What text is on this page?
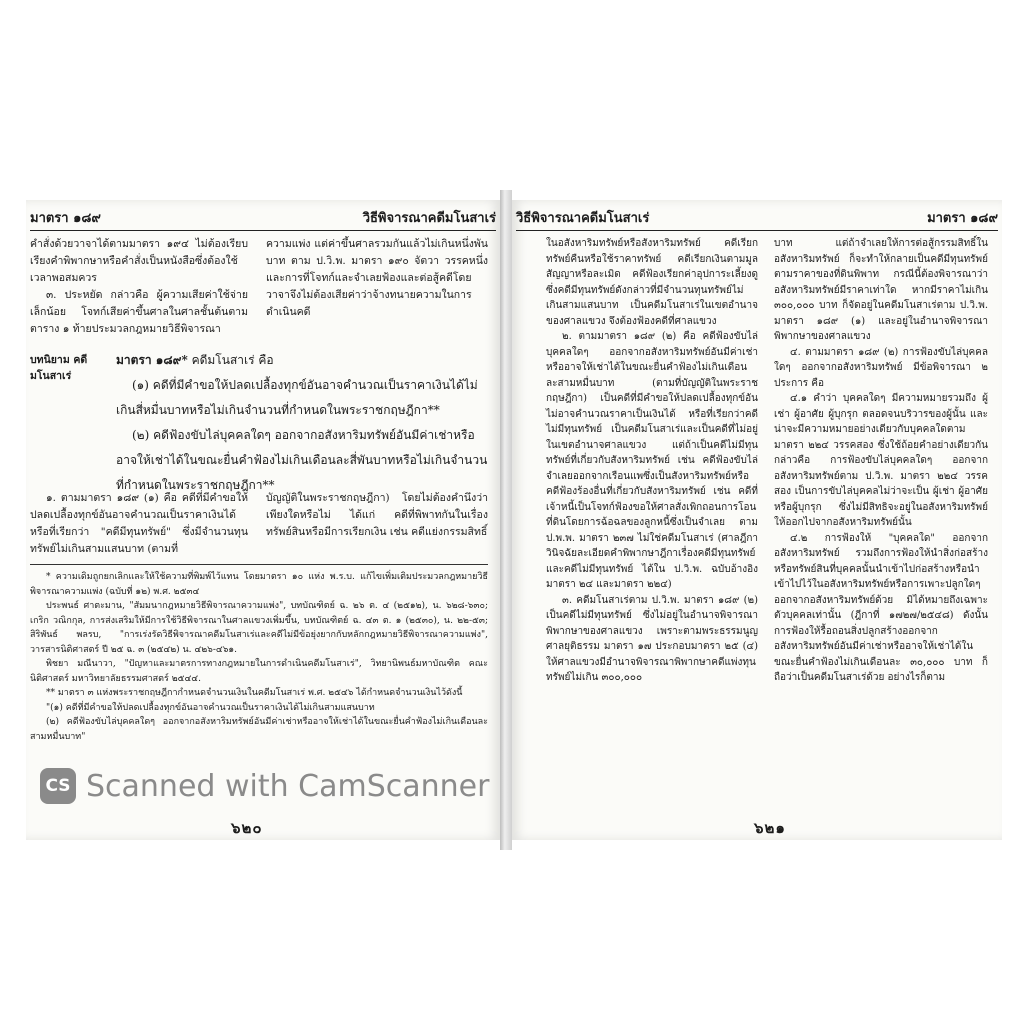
มาตรา ๑๘๙	วิธีพิจารณาคดีมโนสาเร่

คำสั่งด้วยวาจาได้ตามมาตรา ๑๙๔ ไม่ต้องเรียบเรียงคำพิพากษาหรือคำสั่งเป็นหนังสือซึ่งต้องใช้เวลาพอสมควร

๓. ประหยัด กล่าวคือ ผู้ความเสียค่าใช้จ่ายเล็กน้อย โจทก์เสียค่าขึ้นศาลในศาลชั้นต้นตามตาราง ๑ ท้ายประมวลกฎหมายวิธีพิจารณา

ความแพ่ง แต่ค่าขึ้นศาลรวมกันแล้วไม่เกินหนึ่งพันบาท ตาม ป.วิ.พ. มาตรา ๑๙๐ จัตวา วรรคหนึ่ง และการที่โจทก์และจำเลยฟ้องและต่อสู้คดีโดยวาจาจึงไม่ต้องเสียค่าว่าจ้างทนายความในการดำเนินคดี

บทนิยาม คดีมโนสาเร่

มาตรา ๑๘๙* คดีมโนสาเร่ คือ

(๑) คดีที่มีคำขอให้ปลดเปลื้องทุกข์อันอาจคำนวณเป็นราคาเงินได้ไม่เกินสี่หมื่นบาทหรือไม่เกินจำนวนที่กำหนดในพระราชกฤษฎีกา**

(๒) คดีฟ้องขับไล่บุคคลใดๆ ออกจากอสังหาริมทรัพย์อันมีค่าเช่าหรืออาจให้เช่าได้ในขณะยื่นคำฟ้องไม่เกินเดือนละสี่พันบาทหรือไม่เกินจำนวนที่กำหนดในพระราชกฤษฎีกา**

๑. ตามมาตรา ๑๘๙ (๑) คือ คดีที่มีคำขอให้ปลดเปลื้องทุกข์อันอาจคำนวณเป็นราคาเงินได้ หรือที่เรียกว่า "คดีมีทุนทรัพย์" ซึ่งมีจำนวนทุนทรัพย์ไม่เกินสามแสนบาท (ตามที่

บัญญัติในพระราชกฤษฎีกา) โดยไม่ต้องคำนึงว่าเพียงใดหรือไม่ ได้แก่ คดีที่พิพาทกันในเรื่องทรัพย์สินหรือมีการเรียกเงิน เช่น คดีแย่งกรรมสิทธิ์

* ความเดิมถูกยกเลิกและให้ใช้ความที่พิมพ์ไว้แทน โดยมาตรา ๑๐ แห่ง พ.ร.บ. แก้ไขเพิ่มเติมประมวลกฎหมายวิธีพิจารณาความแพ่ง (ฉบับที่ ๑๒) พ.ศ. ๒๕๓๔

ประพนธ์ ศาตะมาน, "สัมมนากฎหมายวิธีพิจารณาความแพ่ง", บทบัณฑิตย์ ฉ. ๒๖ ต. ๔ (๒๕๑๒), น. ๖๒๘-๖๓๐; เกริก วณิกกุล, การส่งเสริมให้มีการใช้วิธีพิจารณาในศาลแขวงเพิ่มขึ้น, บทบัณฑิตย์ ฉ. ๔๓ ต. ๑ (๒๕๓๐), น. ๒๒-๕๓; สิริพันธ์ พลรบ, "การเร่งรัดวิธีพิจารณาคดีมโนสาเร่และคดีไม่มีข้อยุ่งยากกับหลักกฎหมายวิธีพิจารณาความแพ่ง", วารสารนิติศาสตร์ ปี ๒๕ ฉ. ๓ (๒๕๔๒) น. ๔๒๖-๔๖๑.

พิชยา มณีนาวา, "ปัญหาและมาตรการทางกฎหมายในการดำเนินคดีมโนสาเร่", วิทยานิพนธ์มหาบัณฑิต คณะนิติศาสตร์ มหาวิทยาลัยธรรมศาสตร์ ๒๕๔๔.

** มาตรา ๓ แห่งพระราชกฤษฎีกากำหนดจำนวนเงินในคดีมโนสาเร่ พ.ศ. ๒๕๔๖ ได้กำหนดจำนวนเงินไว้ดังนี้

"(๑) คดีที่มีคำขอให้ปลดเปลื้องทุกข์อันอาจคำนวณเป็นราคาเงินได้ไม่เกินสามแสนบาท

(๒) คดีฟ้องขับไล่บุคคลใดๆ ออกจากอสังหาริมทรัพย์อันมีค่าเช่าหรืออาจให้เช่าได้ในขณะยื่นคำฟ้องไม่เกินเดือนละสามหมื่นบาท"

๖๒๐
วิธีพิจารณาคดีมโนสาเร่	มาตรา ๑๘๙

ในอสังหาริมทรัพย์หรือสังหาริมทรัพย์ คดีเรียกทรัพย์คืนหรือใช้ราคาทรัพย์ คดีเรียกเงินตามมูลสัญญาหรือละเมิด คดีฟ้องเรียกค่าอุปการะเลี้ยงดู ซึ่งคดีมีทุนทรัพย์ดังกล่าวที่มีจำนวนทุนทรัพย์ไม่เกินสามแสนบาท เป็นคดีมโนสาเร่ในเขตอำนาจของศาลแขวง จึงต้องฟ้องคดีที่ศาลแขวง

๒. ตามมาตรา ๑๘๙ (๒) คือ คดีฟ้องขับไล่บุคคลใดๆ ออกจากอสังหาริมทรัพย์อันมีค่าเช่าหรืออาจให้เช่าได้ในขณะยื่นคำฟ้องไม่เกินเดือนละสามหมื่นบาท (ตามที่บัญญัติในพระราชกฤษฎีกา) เป็นคดีที่มีคำขอให้ปลดเปลื้องทุกข์อันไม่อาจคำนวณราคาเป็นเงินได้ หรือที่เรียกว่าคดีไม่มีทุนทรัพย์ เป็นคดีมโนสาเร่และเป็นคดีที่ไม่อยู่ในเขตอำนาจศาลแขวง แต่ถ้าเป็นคดีไม่มีทุนทรัพย์ที่เกี่ยวกับสังหาริมทรัพย์ เช่น คดีฟ้องขับไล่จำเลยออกจากเรือนแพซึ่งเป็นสังหาริมทรัพย์หรือคดีฟ้องร้องอื่นที่เกี่ยวกับสังหาริมทรัพย์ เช่น คดีที่เจ้าหนี้เป็นโจทก์ฟ้องขอให้ศาลสั่งเพิกถอนการโอนที่ดินโดยการฉ้อฉลของลูกหนี้ซึ่งเป็นจำเลย ตาม ป.พ.พ. มาตรา ๒๓๗ ไม่ใช่คดีมโนสาเร่ (ศาลฎีกาวินิจฉัยละเอียดคำพิพากษาฎีกาเรื่องคดีมีทุนทรัพย์และคดีไม่มีทุนทรัพย์ ได้ใน ป.วิ.พ. ฉบับอ้างอิง มาตรา ๒๔ และมาตรา ๒๒๔)

๓. คดีมโนสาเร่ตาม ป.วิ.พ. มาตรา ๑๘๙ (๒) เป็นคดีไม่มีทุนทรัพย์ ซึ่งไม่อยู่ในอำนาจพิจารณาพิพากษาของศาลแขวง เพราะตามพระธรรมนูญศาลยุติธรรม มาตรา ๑๗ ประกอบมาตรา ๒๕ (๔) ให้ศาลแขวงมีอำนาจพิจารณาพิพากษาคดีแพ่งทุนทรัพย์ไม่เกิน ๓๐๐,๐๐๐

บาท แต่ถ้าจำเลยให้การต่อสู้กรรมสิทธิ์ในอสังหาริมทรัพย์ ก็จะทำให้กลายเป็นคดีมีทุนทรัพย์ตามราคาของที่ดินพิพาท กรณีนี้ต้องพิจารณาว่าอสังหาริมทรัพย์มีราคาเท่าใด หากมีราคาไม่เกิน ๓๐๐,๐๐๐ บาท ก็จัดอยู่ในคดีมโนสาเร่ตาม ป.วิ.พ. มาตรา ๑๘๙ (๑) และอยู่ในอำนาจพิจารณาพิพากษาของศาลแขวง

๔. ตามมาตรา ๑๘๙ (๒) การฟ้องขับไล่บุคคลใดๆ ออกจากอสังหาริมทรัพย์ มีข้อพิจารณา ๒ ประการ คือ

๔.๑ คำว่า บุคคลใดๆ มีความหมายรวมถึง ผู้เช่า ผู้อาศัย ผู้บุกรุก ตลอดจนบริวารของผู้นั้น และน่าจะมีความหมายอย่างเดียวกับบุคคลใดตามมาตรา ๒๒๔ วรรคสอง ซึ่งใช้ถ้อยคำอย่างเดียวกัน กล่าวคือ การฟ้องขับไล่บุคคลใดๆ ออกจากอสังหาริมทรัพย์ตาม ป.วิ.พ. มาตรา ๒๒๔ วรรคสอง เป็นการขับไล่บุคคลไม่ว่าจะเป็น ผู้เช่า ผู้อาศัย หรือผู้บุกรุก ซึ่งไม่มีสิทธิจะอยู่ในอสังหาริมทรัพย์ ให้ออกไปจากอสังหาริมทรัพย์นั้น

๔.๒ การฟ้องให้ "บุคคลใด" ออกจากอสังหาริมทรัพย์ รวมถึงการฟ้องให้นำสิ่งก่อสร้างหรือทรัพย์สินที่บุคคลนั้นนำเข้าไปก่อสร้างหรือนำเข้าไปไว้ในอสังหาริมทรัพย์หรือการเพาะปลูกใดๆ ออกจากอสังหาริมทรัพย์ด้วย มิได้หมายถึงเฉพาะตัวบุคคลเท่านั้น (ฎีกาที่ ๑๗๒๗/๒๕๔๘) ดังนั้น การฟ้องให้รื้อถอนสิ่งปลูกสร้างออกจากอสังหาริมทรัพย์อันมีค่าเช่าหรืออาจให้เช่าได้ในขณะยื่นคำฟ้องไม่เกินเดือนละ ๓๐,๐๐๐ บาท ก็ถือว่าเป็นคดีมโนสาเร่ด้วย อย่างไรก็ตาม

๖๒๑
CS Scanned with CamScanner
